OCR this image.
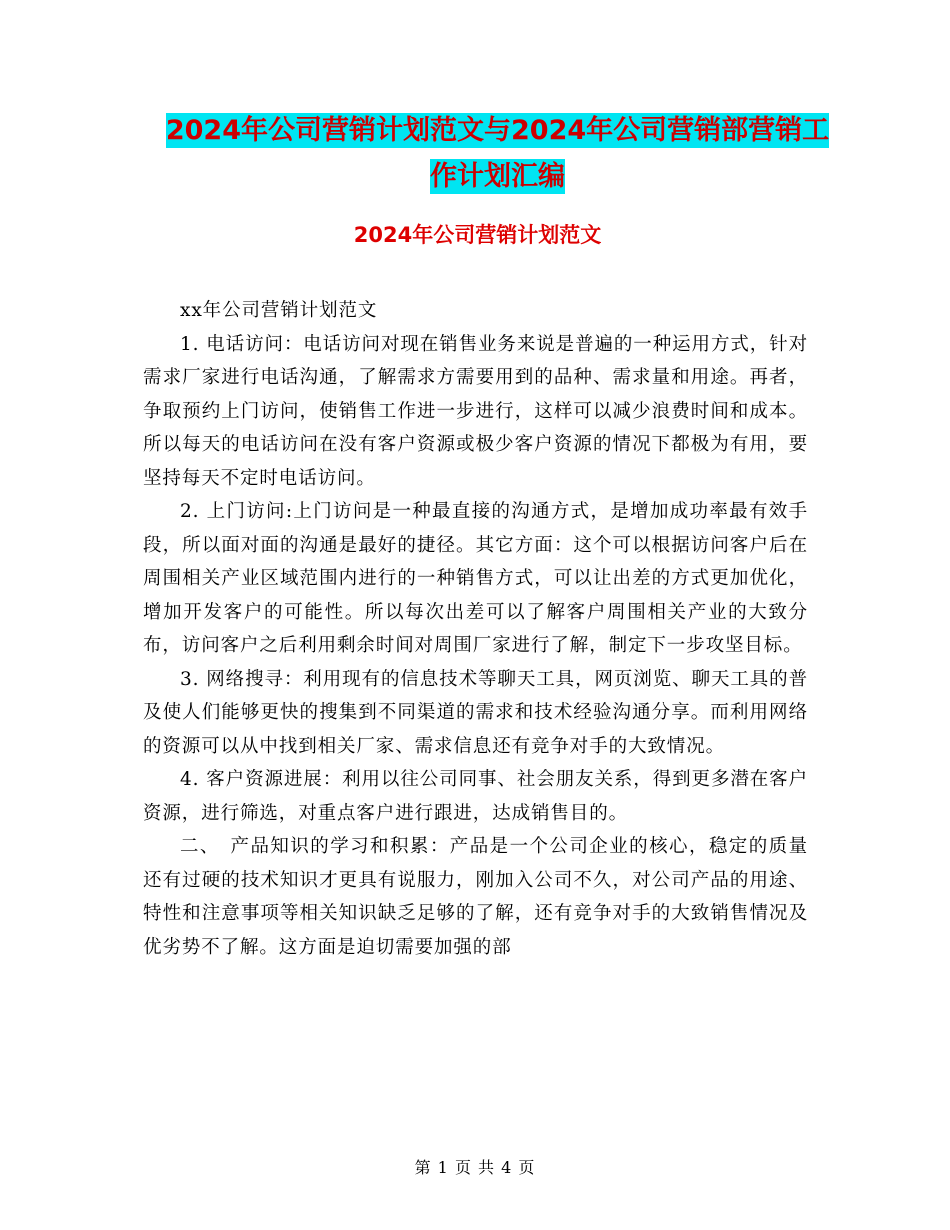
2024年公司营销计划范文与2024年公司营销部营销工
作计划汇编
2024年公司营销计划范文

xx年公司营销计划范文

1. 电话访问：电话访问对现在销售业务来说是普遍的一种运用方式，针对需求厂家进行电话沟通，了解需求方需要用到的品种、需求量和用途。再者，争取预约上门访问，使销售工作进一步进行，这样可以减少浪费时间和成本。所以每天的电话访问在没有客户资源或极少客户资源的情况下都极为有用，要坚持每天不定时电话访问。

2. 上门访问:上门访问是一种最直接的沟通方式，是增加成功率最有效手段，所以面对面的沟通是最好的捷径。其它方面：这个可以根据访问客户后在周围相关产业区域范围内进行的一种销售方式，可以让出差的方式更加优化，增加开发客户的可能性。所以每次出差可以了解客户周围相关产业的大致分布，访问客户之后利用剩余时间对周围厂家进行了解，制定下一步攻坚目标。

3. 网络搜寻：利用现有的信息技术等聊天工具，网页浏览、聊天工具的普及使人们能够更快的搜集到不同渠道的需求和技术经验沟通分享。而利用网络的资源可以从中找到相关厂家、需求信息还有竞争对手的大致情况。

4. 客户资源进展：利用以往公司同事、社会朋友关系，得到更多潜在客户资源，进行筛选，对重点客户进行跟进，达成销售目的。

二、　产品知识的学习和积累：产品是一个公司企业的核心，稳定的质量还有过硬的技术知识才更具有说服力，刚加入公司不久，对公司产品的用途、特性和注意事项等相关知识缺乏足够的了解，还有竞争对手的大致销售情况及优劣势不了解。这方面是迫切需要加强的部

第 1 页 共 4 页
